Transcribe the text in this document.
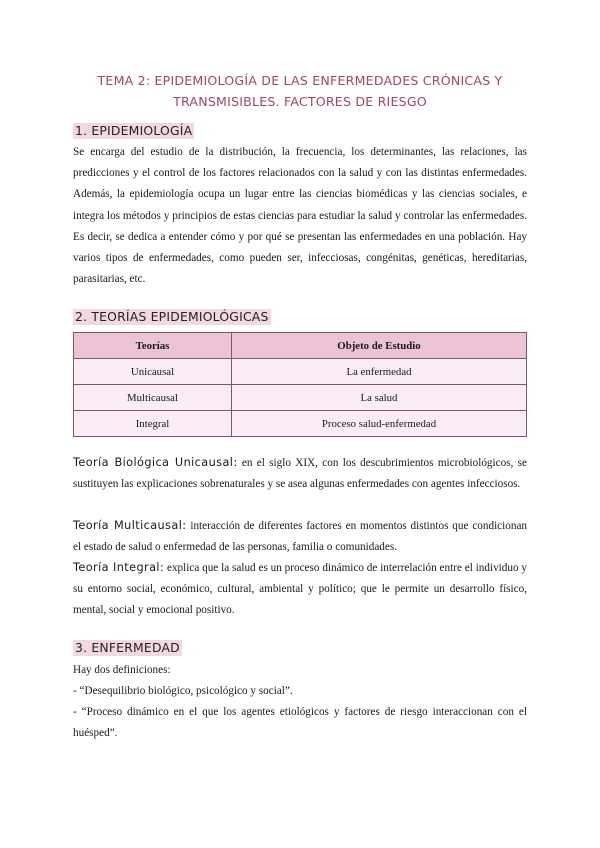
TEMA 2: EPIDEMIOLOGÍA DE LAS ENFERMEDADES CRÓNICAS Y
TRANSMISIBLES. FACTORES DE RIESGO
1. EPIDEMIOLOGÍA

Se encarga del estudio de la distribución, la frecuencia, los determinantes, las relaciones, las predicciones y el control de los factores relacionados con la salud y con las distintas enfermedades. Además, la epidemiología ocupa un lugar entre las ciencias biomédicas y las ciencias sociales, e integra los métodos y principios de estas ciencias para estudiar la salud y controlar las enfermedades. Es decir, se dedica a entender cómo y por qué se presentan las enfermedades en una población. Hay varios tipos de enfermedades, como pueden ser, infecciosas, congénitas, genéticas, hereditarias, parasitarias, etc.

2. TEORÍAS EPIDEMIOLÓGICAS
Teorías	Objeto de Estudio
Unicausal	La enfermedad
Multicausal	La salud
Integral	Proceso salud-enfermedad

Teoría Biológica Unicausal: en el siglo XIX, con los descubrimientos microbiológicos, se sustituyen las explicaciones sobrenaturales y se asea algunas enfermedades con agentes infecciosos.

Teoría Multicausal: interacción de diferentes factores en momentos distintos que condicionan el estado de salud o enfermedad de las personas, familia o comunidades.

Teoría Integral: explica que la salud es un proceso dinámico de interrelación entre el individuo y su entorno social, económico, cultural, ambiental y político; que le permite un desarrollo físico, mental, social y emocional positivo.

3. ENFERMEDAD

Hay dos definiciones:

- “Desequilibrio biológico, psicológico y social”.

- “Proceso dinámico en el que los agentes etiológicos y factores de riesgo interaccionan con el huésped”.
